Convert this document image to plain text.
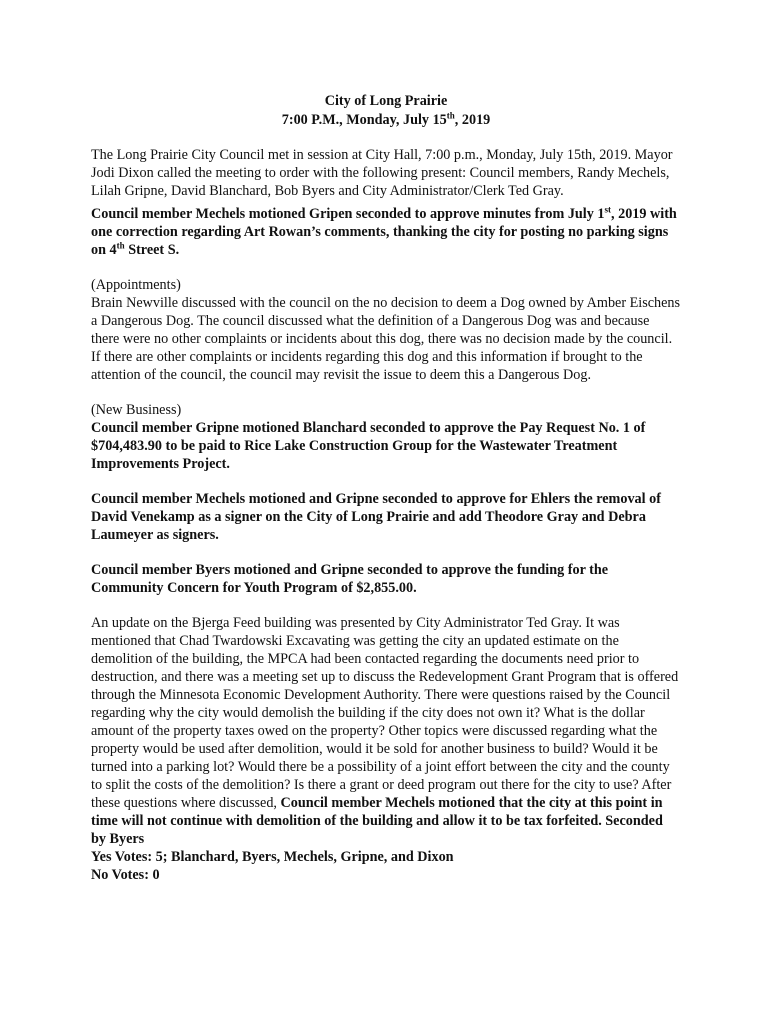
City of Long Prairie
7:00 P.M., Monday, July 15th, 2019

The Long Prairie City Council met in session at City Hall, 7:00 p.m., Monday, July 15th, 2019. Mayor Jodi Dixon called the meeting to order with the following present: Council members, Randy Mechels, Lilah Gripne, David Blanchard, Bob Byers and City Administrator/Clerk Ted Gray.

Council member Mechels motioned Gripen seconded to approve minutes from July 1st, 2019 with one correction regarding Art Rowan’s comments, thanking the city for posting no parking signs on 4th Street S.

(Appointments)

Brain Newville discussed with the council on the no decision to deem a Dog owned by Amber Eischens a Dangerous Dog. The council discussed what the definition of a Dangerous Dog was and because there were no other complaints or incidents about this dog, there was no decision made by the council. If there are other complaints or incidents regarding this dog and this information if brought to the attention of the council, the council may revisit the issue to deem this a Dangerous Dog.

(New Business)

Council member Gripne motioned Blanchard seconded to approve the Pay Request No. 1 of $704,483.90 to be paid to Rice Lake Construction Group for the Wastewater Treatment Improvements Project.

Council member Mechels motioned and Gripne seconded to approve for Ehlers the removal of David Venekamp as a signer on the City of Long Prairie and add Theodore Gray and Debra Laumeyer as signers.

Council member Byers motioned and Gripne seconded to approve the funding for the Community Concern for Youth Program of $2,855.00.

An update on the Bjerga Feed building was presented by City Administrator Ted Gray. It was mentioned that Chad Twardowski Excavating was getting the city an updated estimate on the demolition of the building, the MPCA had been contacted regarding the documents need prior to destruction, and there was a meeting set up to discuss the Redevelopment Grant Program that is offered through the Minnesota Economic Development Authority. There were questions raised by the Council regarding why the city would demolish the building if the city does not own it? What is the dollar amount of the property taxes owed on the property? Other topics were discussed regarding what the property would be used after demolition, would it be sold for another business to build? Would it be turned into a parking lot? Would there be a possibility of a joint effort between the city and the county to split the costs of the demolition? Is there a grant or deed program out there for the city to use? After these questions where discussed, Council member Mechels motioned that the city at this point in time will not continue with demolition of the building and allow it to be tax forfeited. Seconded by Byers

Yes Votes: 5; Blanchard, Byers, Mechels, Gripne, and Dixon

No Votes: 0
